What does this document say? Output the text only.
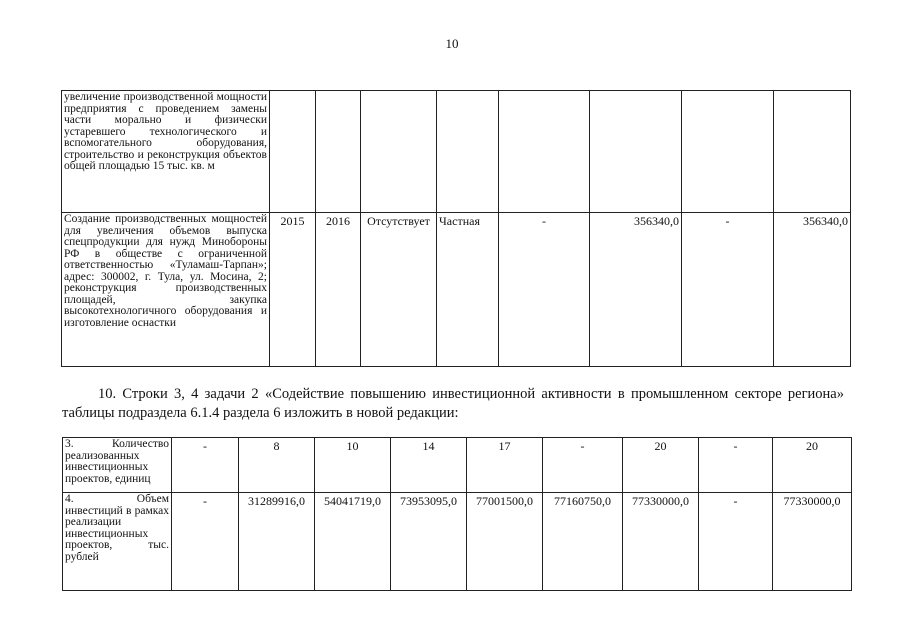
10
увеличение производственной мощности предприятия с проведением замены части морально и физически устаревшего технологического и вспомогательного оборудования, строительство и реконструкция объектов общей площадью 15 тыс. кв. м								
Создание производственных мощностей для увеличения объемов выпуска спецпродукции для нужд Минобороны РФ в обществе с ограниченной ответственностью «Туламаш-Тарпан»; адрес: 300002, г. Тула, ул. Мосина, 2; реконструкция производственных площадей, закупка высокотехнологичного оборудования и изготовление оснастки	2015	2016	Отсутствует	Частная	-	356340,0	-	356340,0
10. Строки 3, 4 задачи 2 «Содействие повышению инвестиционной активности в промышленном секторе региона» таблицы подраздела 6.1.4 раздела 6 изложить в новой редакции:
3. Количество реализованных инвестиционных проектов, единиц	-	8	10	14	17	-	20	-	20
4. Объем инвестиций в рамках реализации инвестиционных проектов, тыс. рублей	-	31289916,0	54041719,0	73953095,0	77001500,0	77160750,0	77330000,0	-	77330000,0
